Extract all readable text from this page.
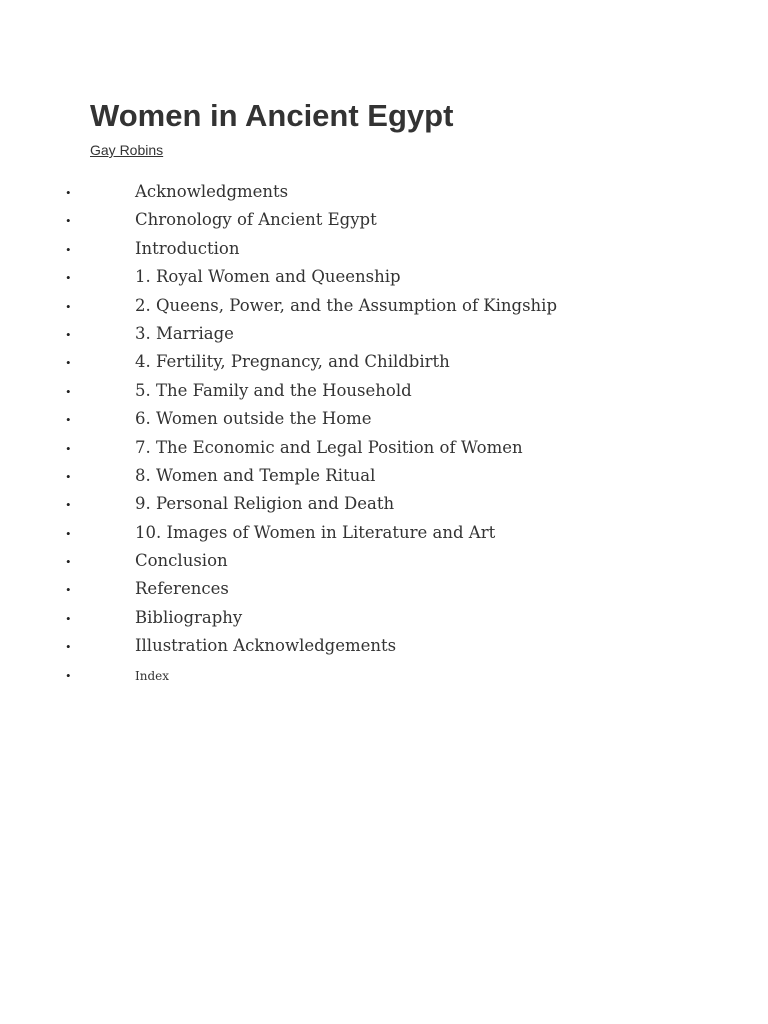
Women in Ancient Egypt
Gay Robins
•	Acknowledgments
•	Chronology of Ancient Egypt
•	Introduction
•	1. Royal Women and Queenship
•	2. Queens, Power, and the Assumption of Kingship
•	3. Marriage
•	4. Fertility, Pregnancy, and Childbirth
•	5. The Family and the Household
•	6. Women outside the Home
•	7. The Economic and Legal Position of Women
•	8. Women and Temple Ritual
•	9. Personal Religion and Death
•	10. Images of Women in Literature and Art
•	Conclusion
•	References
•	Bibliography
•	Illustration Acknowledgements
•	Index
